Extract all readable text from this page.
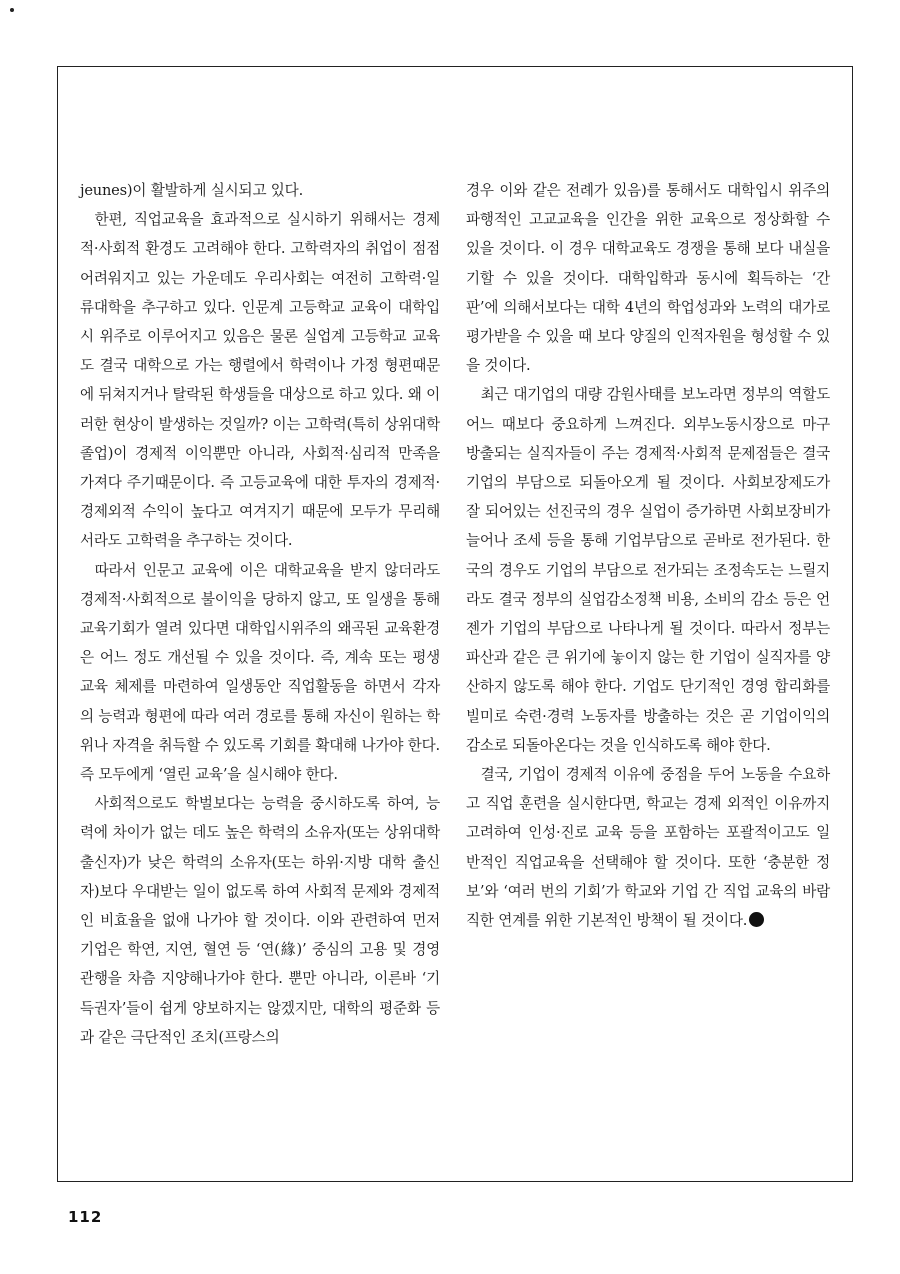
jeunes)이 활발하게 실시되고 있다.

한편, 직업교육을 효과적으로 실시하기 위해서는 경제적·사회적 환경도 고려해야 한다. 고학력자의 취업이 점점 어려워지고 있는 가운데도 우리사회는 여전히 고학력·일류대학을 추구하고 있다. 인문계 고등학교 교육이 대학입시 위주로 이루어지고 있음은 물론 실업계 고등학교 교육도 결국 대학으로 가는 행렬에서 학력이나 가정 형편때문에 뒤쳐지거나 탈락된 학생들을 대상으로 하고 있다. 왜 이러한 현상이 발생하는 것일까? 이는 고학력(특히 상위대학 졸업)이 경제적 이익뿐만 아니라, 사회적·심리적 만족을 가져다 주기때문이다. 즉 고등교육에 대한 투자의 경제적·경제외적 수익이 높다고 여겨지기 때문에 모두가 무리해서라도 고학력을 추구하는 것이다.

따라서 인문고 교육에 이은 대학교육을 받지 않더라도 경제적·사회적으로 불이익을 당하지 않고, 또 일생을 통해 교육기회가 열려 있다면 대학입시위주의 왜곡된 교육환경은 어느 정도 개선될 수 있을 것이다. 즉, 계속 또는 평생 교육 체제를 마련하여 일생동안 직업활동을 하면서 각자의 능력과 형편에 따라 여러 경로를 통해 자신이 원하는 학위나 자격을 취득할 수 있도록 기회를 확대해 나가야 한다. 즉 모두에게 ‘열린 교육’을 실시해야 한다.

사회적으로도 학벌보다는 능력을 중시하도록 하여, 능력에 차이가 없는 데도 높은 학력의 소유자(또는 상위대학 출신자)가 낮은 학력의 소유자(또는 하위·지방 대학 출신자)보다 우대받는 일이 없도록 하여 사회적 문제와 경제적인 비효율을 없애 나가야 할 것이다. 이와 관련하여 먼저 기업은 학연, 지연, 혈연 등 ‘연(緣)’ 중심의 고용 및 경영 관행을 차츰 지양해나가야 한다. 뿐만 아니라, 이른바 ‘기득권자’들이 쉽게 양보하지는 않겠지만, 대학의 평준화 등과 같은 극단적인 조치(프랑스의

경우 이와 같은 전례가 있음)를 통해서도 대학입시 위주의 파행적인 고교교육을 인간을 위한 교육으로 정상화할 수 있을 것이다. 이 경우 대학교육도 경쟁을 통해 보다 내실을 기할 수 있을 것이다. 대학입학과 동시에 획득하는 ‘간판’에 의해서보다는 대학 4년의 학업성과와 노력의 대가로 평가받을 수 있을 때 보다 양질의 인적자원을 형성할 수 있을 것이다.

최근 대기업의 대량 감원사태를 보노라면 정부의 역할도 어느 때보다 중요하게 느껴진다. 외부노동시장으로 마구 방출되는 실직자들이 주는 경제적·사회적 문제점들은 결국 기업의 부담으로 되돌아오게 될 것이다. 사회보장제도가 잘 되어있는 선진국의 경우 실업이 증가하면 사회보장비가 늘어나 조세 등을 통해 기업부담으로 곧바로 전가된다. 한국의 경우도 기업의 부담으로 전가되는 조정속도는 느릴지라도 결국 정부의 실업감소정책 비용, 소비의 감소 등은 언젠가 기업의 부담으로 나타나게 될 것이다. 따라서 정부는 파산과 같은 큰 위기에 놓이지 않는 한 기업이 실직자를 양산하지 않도록 해야 한다. 기업도 단기적인 경영 합리화를 빌미로 숙련·경력 노동자를 방출하는 것은 곧 기업이익의 감소로 되돌아온다는 것을 인식하도록 해야 한다.

결국, 기업이 경제적 이유에 중점을 두어 노동을 수요하고 직업 훈련을 실시한다면, 학교는 경제 외적인 이유까지 고려하여 인성·진로 교육 등을 포함하는 포괄적이고도 일반적인 직업교육을 선택해야 할 것이다. 또한 ‘충분한 정보’와 ‘여러 번의 기회’가 학교와 기업 간 직업 교육의 바람직한 연계를 위한 기본적인 방책이 될 것이다.

112
